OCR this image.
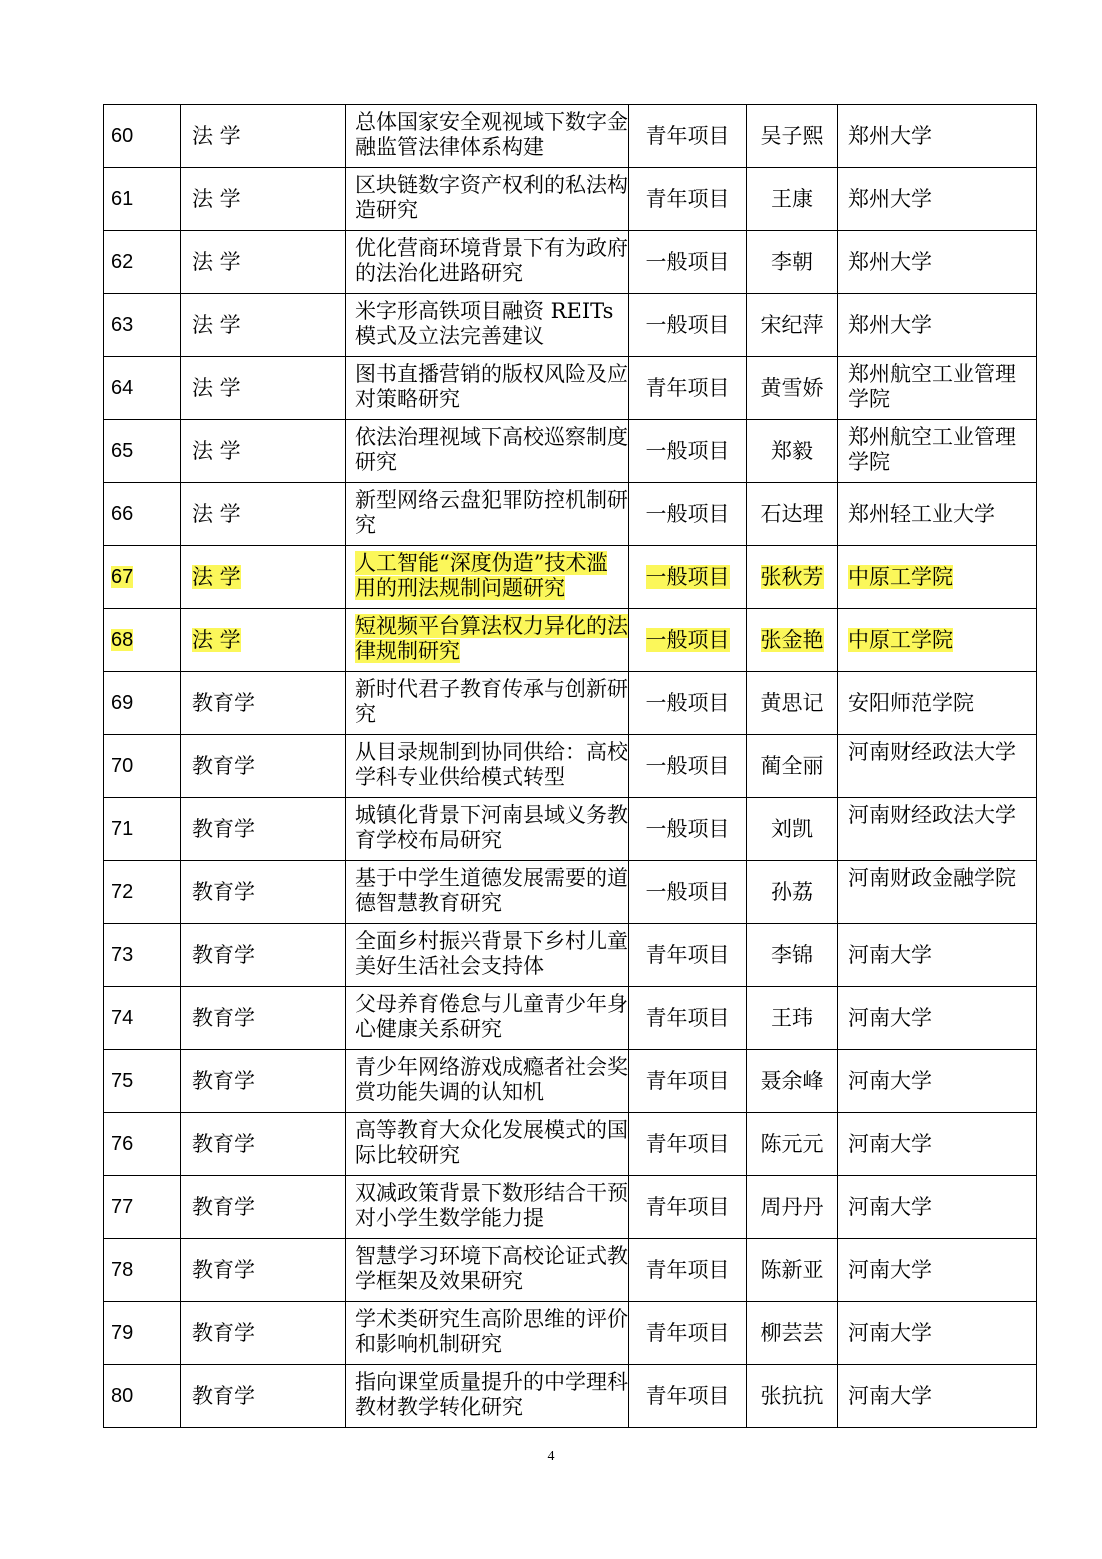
60	法 学	总体国家安全观视域下数字金融监管法律体系构建	青年项目	吴子熙	郑州大学
61	法 学	区块链数字资产权利的私法构造研究	青年项目	王康	郑州大学
62	法 学	优化营商环境背景下有为政府的法治化进路研究	一般项目	李朝	郑州大学
63	法 学	米字形高铁项目融资 REITs 模式及立法完善建议	一般项目	宋纪萍	郑州大学
64	法 学	图书直播营销的版权风险及应对策略研究	青年项目	黄雪娇	郑州航空工业管理学院

65	法 学	依法治理视域下高校巡察制度研究	一般项目	郑毅	郑州航空工业管理学院

66	法 学	新型网络云盘犯罪防控机制研究	一般项目	石达理	郑州轻工业大学
67	法 学	人工智能“深度伪造”技术滥用的刑法规制问题研究	一般项目	张秋芳	中原工学院
68	法 学	短视频平台算法权力异化的法律规制研究	一般项目	张金艳	中原工学院
69	教育学	新时代君子教育传承与创新研究	一般项目	黄思记	安阳师范学院
70	教育学	从目录规制到协同供给：高校学科专业供给模式转型	一般项目	蔺全丽	河南财经政法大学

71	教育学	城镇化背景下河南县域义务教育学校布局研究	一般项目	刘凯	河南财经政法大学

72	教育学	基于中学生道德发展需要的道德智慧教育研究	一般项目	孙荔	河南财政金融学院

73	教育学	全面乡村振兴背景下乡村儿童美好生活社会支持体	青年项目	李锦	河南大学
74	教育学	父母养育倦怠与儿童青少年身心健康关系研究	青年项目	王玮	河南大学
75	教育学	青少年网络游戏成瘾者社会奖赏功能失调的认知机	青年项目	聂余峰	河南大学
76	教育学	高等教育大众化发展模式的国际比较研究	青年项目	陈元元	河南大学
77	教育学	双减政策背景下数形结合干预对小学生数学能力提	青年项目	周丹丹	河南大学
78	教育学	智慧学习环境下高校论证式教学框架及效果研究	青年项目	陈新亚	河南大学
79	教育学	学术类研究生高阶思维的评价和影响机制研究	青年项目	柳芸芸	河南大学
80	教育学	指向课堂质量提升的中学理科教材教学转化研究	青年项目	张抗抗	河南大学
4
